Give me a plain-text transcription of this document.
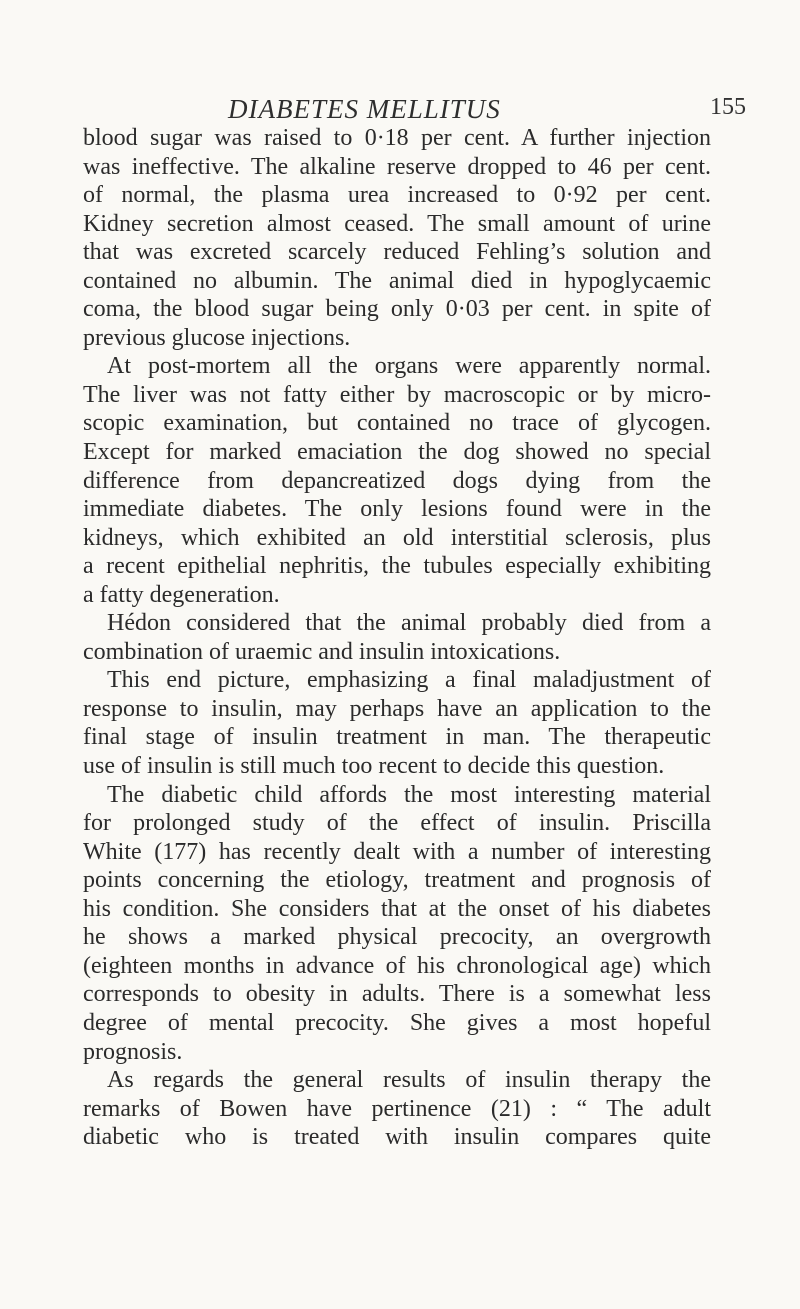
DIABETES MELLITUS	155
blood sugar was raised to 0·18 per cent. A further injection
was ineffective. The alkaline reserve dropped to 46 per cent.
of normal, the plasma urea increased to 0·92 per cent.
Kidney secretion almost ceased. The small amount of urine
that was excreted scarcely reduced Fehling’s solution and
contained no albumin. The animal died in hypoglycaemic
coma, the blood sugar being only 0·03 per cent. in spite of
previous glucose injections.
At post-mortem all the organs were apparently normal.
The liver was not fatty either by macroscopic or by micro-
scopic examination, but contained no trace of glycogen.
Except for marked emaciation the dog showed no special
difference from depancreatized dogs dying from the
immediate diabetes. The only lesions found were in the
kidneys, which exhibited an old interstitial sclerosis, plus
a recent epithelial nephritis, the tubules especially exhibiting
a fatty degeneration.
Hédon considered that the animal probably died from a
combination of uraemic and insulin intoxications.
This end picture, emphasizing a final maladjustment of
response to insulin, may perhaps have an application to the
final stage of insulin treatment in man. The therapeutic
use of insulin is still much too recent to decide this question.
The diabetic child affords the most interesting material
for prolonged study of the effect of insulin. Priscilla
White (177) has recently dealt with a number of interesting
points concerning the etiology, treatment and prognosis of
his condition. She considers that at the onset of his diabetes
he shows a marked physical precocity, an overgrowth
(eighteen months in advance of his chronological age) which
corresponds to obesity in adults. There is a somewhat less
degree of mental precocity. She gives a most hopeful
prognosis.
As regards the general results of insulin therapy the
remarks of Bowen have pertinence (21) : “ The adult
diabetic who is treated with insulin compares quite
